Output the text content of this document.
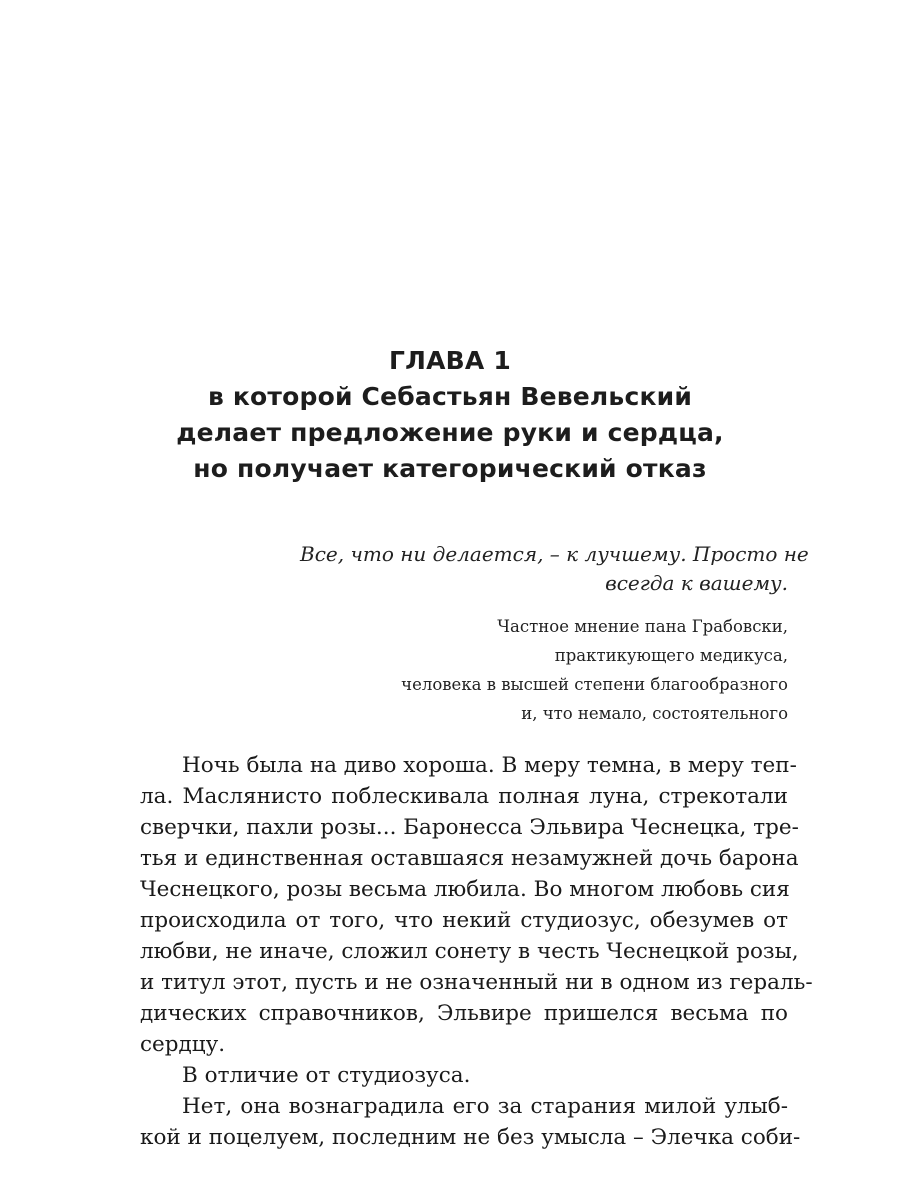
ГЛАВА 1
в которой Себастьян Вевельский
делает предложение руки и сердца,
но получает категорический отказ
Все, что ни делается, – к лучшему. Просто не
всегда к вашему.
Частное мнение пана Грабовски,
практикующего медикуса,
человека в высшей степени благообразного
и, что немало, состоятельного
Ночь была на диво хороша. В меру темна, в меру теп-
ла. Маслянисто поблескивала полная луна, стрекотали
сверчки, пахли розы... Баронесса Эльвира Чеснецка, тре-
тья и единственная оставшаяся незамужней дочь барона
Чеснецкого, розы весьма любила. Во многом любовь сия
происходила от того, что некий студиозус, обезумев от
любви, не иначе, сложил сонету в честь Чеснецкой розы,
и титул этот, пусть и не означенный ни в одном из гераль-
дических справочников, Эльвире пришелся весьма по
сердцу.
В отличие от студиозуса.
Нет, она вознаградила его за старания милой улыб-
кой и поцелуем, последним не без умысла – Элечка соби-
